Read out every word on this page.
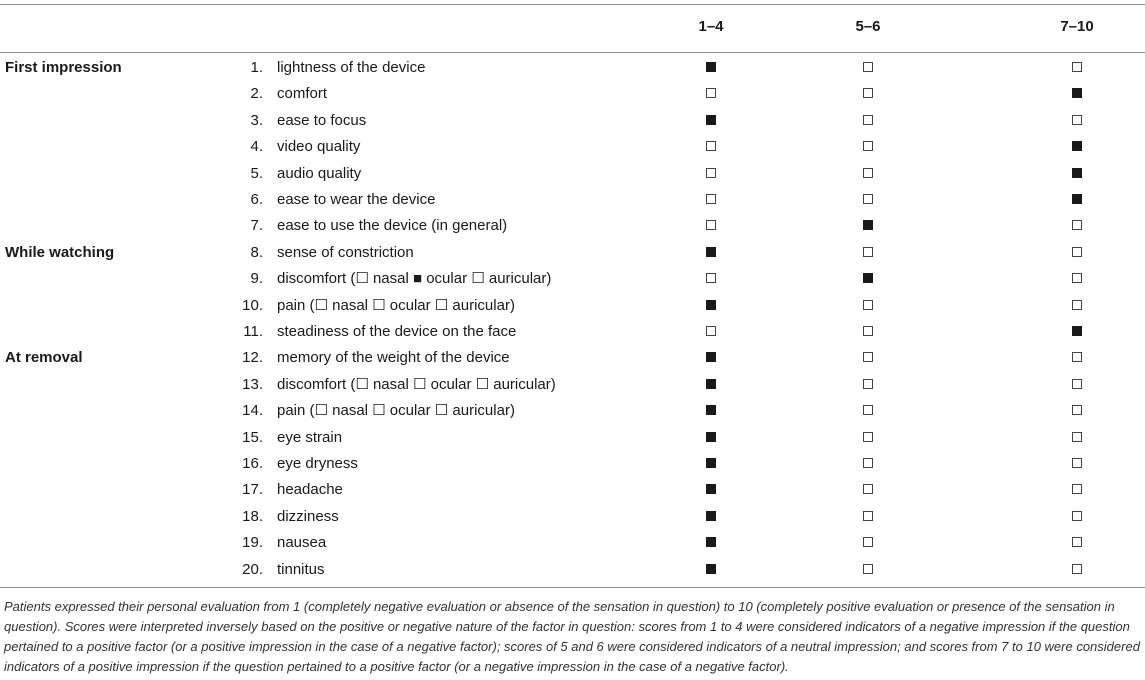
1–4	5–6	7–10
First impression
While watching
At removal
1. lightness of the device
2. comfort
3. ease to focus
4. video quality
5. audio quality
6. ease to wear the device
7. ease to use the device (in general)
8. sense of constriction
9. discomfort (☐ nasal ■ ocular ☐ auricular)
10. pain (☐ nasal ☐ ocular ☐ auricular)
11. steadiness of the device on the face
12. memory of the weight of the device
13. discomfort (☐ nasal ☐ ocular ☐ auricular)
14. pain (☐ nasal ☐ ocular ☐ auricular)
15. eye strain
16. eye dryness
17. headache
18. dizziness
19. nausea
20. tinnitus
Patients expressed their personal evaluation from 1 (completely negative evaluation or absence of the sensation in question) to 10 (completely positive evaluation or presence of the sensation in question). Scores were interpreted inversely based on the positive or negative nature of the factor in question: scores from 1 to 4 were considered indicators of a negative impression if the question pertained to a positive factor (or a positive impression in the case of a negative factor); scores of 5 and 6 were considered indicators of a neutral impression; and scores from 7 to 10 were considered indicators of a positive impression if the question pertained to a positive factor (or a negative impression in the case of a negative factor).
